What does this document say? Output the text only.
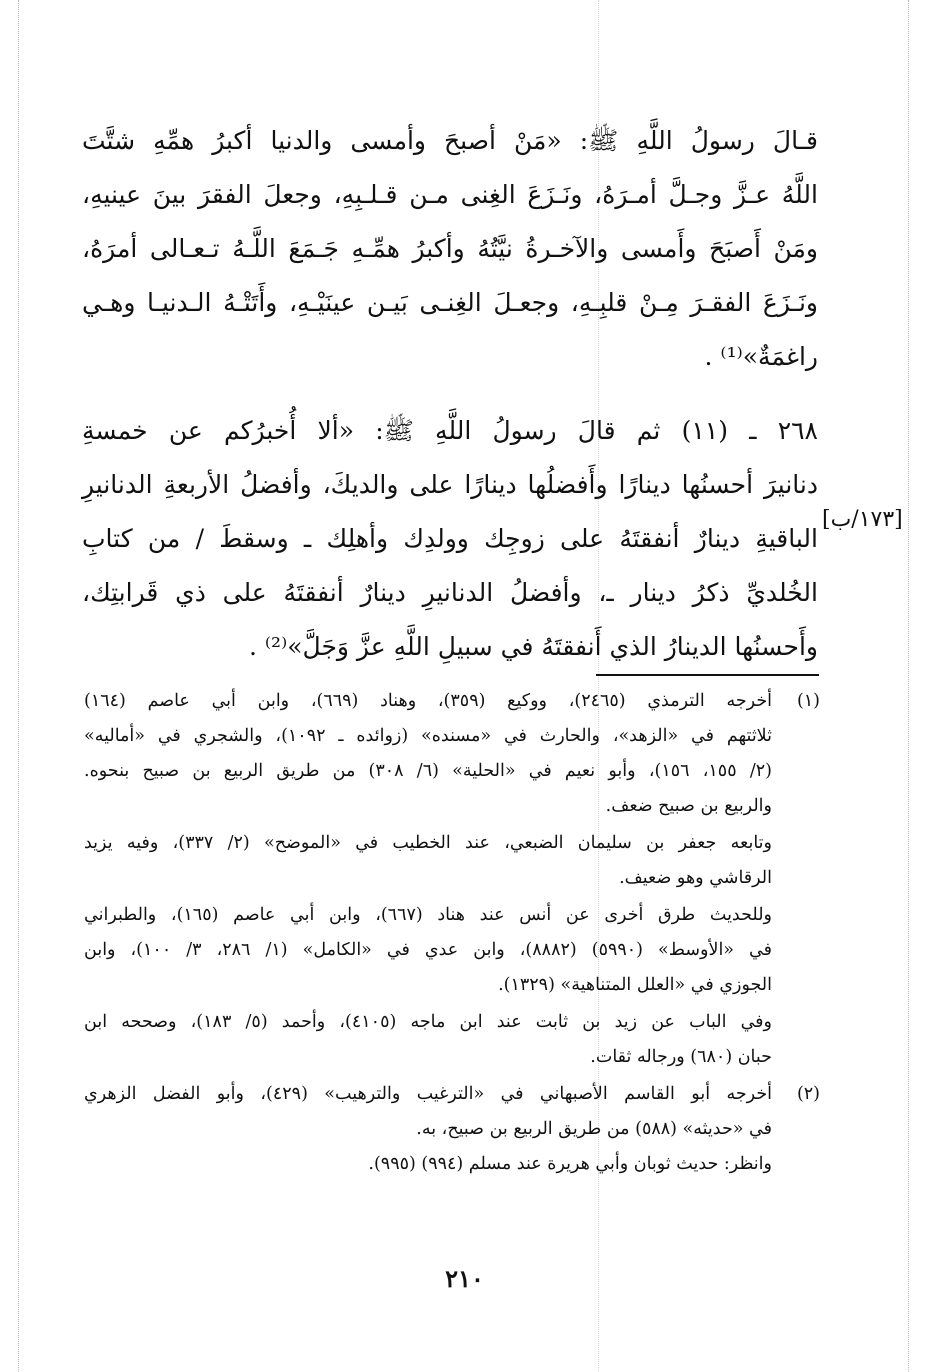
قـالَ رسولُ اللَّهِ ﷺ: «مَنْ أصبحَ وأمسى والدنيا أكبرُ همِّهِ شتَّتَ
اللَّهُ عـزَّ وجـلَّ أمـرَهُ، ونَـزَعَ الغِنى مـن قـلـبِهِ، وجعلَ الفقرَ بينَ عينيهِ،
ومَنْ أَصبَحَ وأَمسى والآخـرةُ نيَّتُهُ وأكبرُ همِّـهِ جَـمَعَ اللَّـهُ تـعـالى أمرَهُ،
ونَـزَعَ الفقـرَ مِـنْ قلبِـهِ، وجعـلَ الغِنـى بَيـن عينَيْـهِ، وأَتَتْـهُ الـدنيـا وهـي
راغمَةٌ»⁽¹⁾ .
٢٦٨ ـ (١١) ثم قالَ رسولُ اللَّهِ ﷺ: «ألا أُخبرُكم عن خمسةِ
دنانيرَ أحسنُها دينارًا وأَفضلُها دينارًا على والديكَ، وأفضلُ الأربعةِ الدنانيرِ
الباقيةِ دينارٌ أنفقتَهُ على زوجِك وولدِك وأهلِك ـ وسقطَ / من كتابِ
الخُلديِّ ذكرُ دينار ـ، وأفضلُ الدنانيرِ دينارٌ أنفقتَهُ على ذي قَرابتِك،
وأَحسنُها الدينارُ الذي أَنفقتَهُ في سبيلِ اللَّهِ عزَّ وَجَلَّ»⁽²⁾ .
[١٧٣/ب]
(١)
أخرجه الترمذي (٢٤٦٥)، ووكيع (٣٥٩)، وهناد (٦٦٩)، وابن أبي عاصم (١٦٤)
ثلاثتهم في «الزهد»، والحارث في «مسنده» (زوائده ـ ١٠٩٢)، والشجري في «أماليه»
(٢/ ١٥٥، ١٥٦)، وأبو نعيم في «الحلية» (٦/ ٣٠٨) من طريق الربيع بن صبيح بنحوه.
والربيع بن صبيح ضعف.
وتابعه جعفر بن سليمان الضبعي، عند الخطيب في «الموضح» (٢/ ٣٣٧)، وفيه يزيد
الرقاشي وهو ضعيف.
وللحديث طرق أخرى عن أنس عند هناد (٦٦٧)، وابن أبي عاصم (١٦٥)، والطبراني
في «الأوسط» (٥٩٩٠) (٨٨٨٢)، وابن عدي في «الكامل» (١/ ٢٨٦، ٣/ ١٠٠)، وابن
الجوزي في «العلل المتناهية» (١٣٢٩).
وفي الباب عن زيد بن ثابت عند ابن ماجه (٤١٠٥)، وأحمد (٥/ ١٨٣)، وصححه ابن
حبان (٦٨٠) ورجاله ثقات.
(٢)
أخرجه أبو القاسم الأصبهاني في «الترغيب والترهيب» (٤٢٩)، وأبو الفضل الزهري
في «حديثه» (٥٨٨) من طريق الربيع بن صبيح، به.
وانظر: حديث ثوبان وأبي هريرة عند مسلم (٩٩٤) (٩٩٥).
٢١٠
